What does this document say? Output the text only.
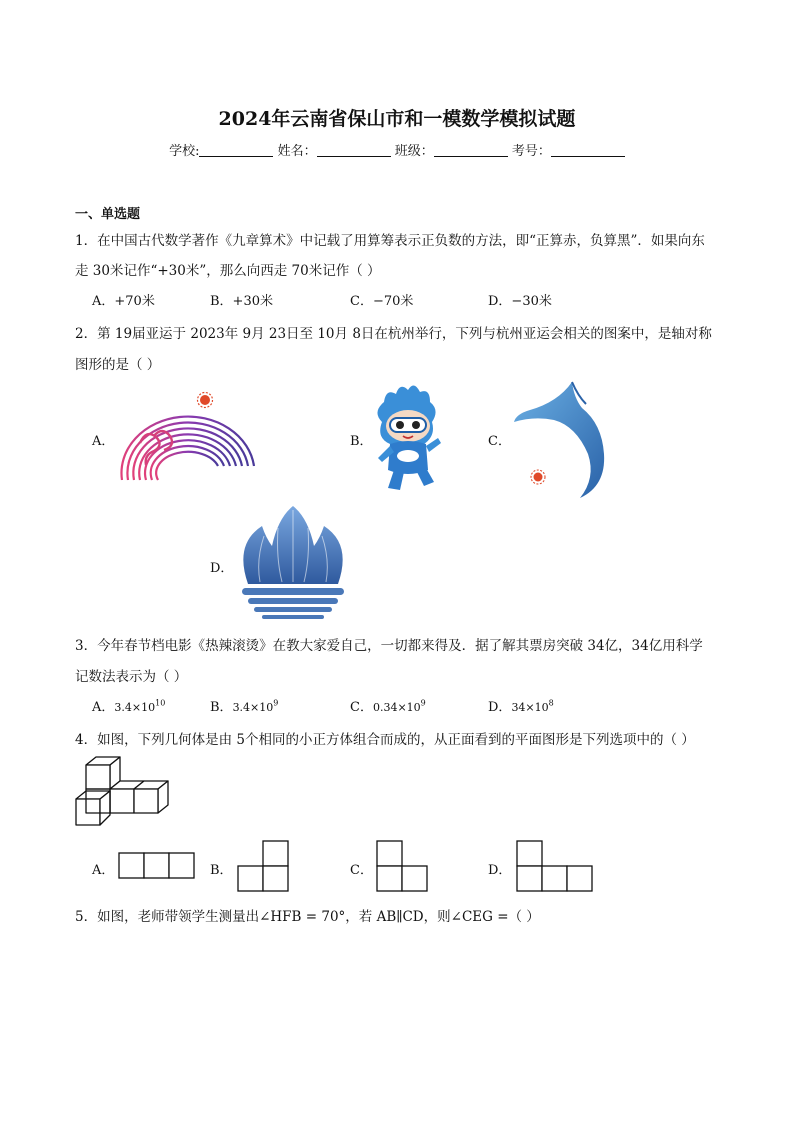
2024年云南省保山市和一模数学模拟试题
学校:	姓名：	班级：	考号：
一、单选题
1．在中国古代数学著作《九章算术》中记载了用算筹表示正负数的方法，即“正算赤，负算黑”．如果向东
走 30米记作“+30米”，那么向西走 70米记作（ ）
A．+70米	B．+30米	C．−70米	D．−30米
2．第 19届亚运于 2023年 9月 23日至 10月 8日在杭州举行，下列与杭州亚运会相关的图案中，是轴对称
图形的是（ ）
A．	B．	C．
D．
3．今年春节档电影《热辣滚烫》在教大家爱自己，一切都来得及．据了解其票房突破 34亿，34亿用科学
记数法表示为（ ）
A．$3.4\times 10^{10}$	B．$3.4\times 10^9$	C．$0.34\times 10^9$	D．$34\times 10^8$
4．如图，下列几何体是由 5个相同的小正方体组合而成的，从正面看到的平面图形是下列选项中的（ ）
A．	B．	C．	D．
5．如图，老师带领学生测量出∠HFB = 70°，若 AB∥CD，则∠CEG =（ ）
